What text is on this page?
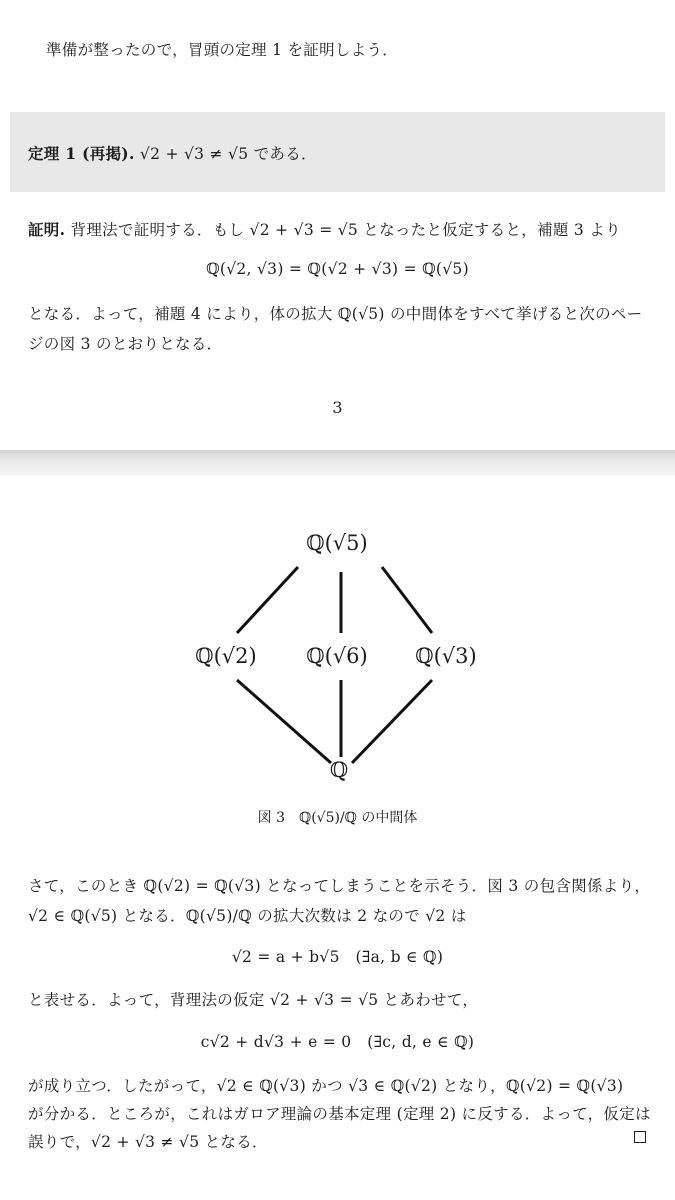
準備が整ったので，冒頭の定理 1 を証明しよう．
定理 1 (再掲). √2 + √3 ≠ √5 である．
証明. 背理法で証明する．もし √2 + √3 = √5 となったと仮定すると，補題 3 より
ℚ(√2, √3) = ℚ(√2 + √3) = ℚ(√5)
となる．よって，補題 4 により，体の拡大 ℚ(√5) の中間体をすべて挙げると次のペー
ジの図 3 のとおりとなる．
3
ℚ(√5)
ℚ(√2) ℚ(√6) ℚ(√3)
ℚ
図 3　ℚ(√5)/ℚ の中間体
さて，このとき ℚ(√2) = ℚ(√3) となってしまうことを示そう．図 3 の包含関係より，
√2 ∈ ℚ(√5) となる．ℚ(√5)/ℚ の拡大次数は 2 なので √2 は
√2 = a + b√5　(∃a, b ∈ ℚ)
と表せる．よって，背理法の仮定 √2 + √3 = √5 とあわせて，
c√2 + d√3 + e = 0　(∃c, d, e ∈ ℚ)
が成り立つ．したがって，√2 ∈ ℚ(√3) かつ √3 ∈ ℚ(√2) となり，ℚ(√2) = ℚ(√3)
が分かる．ところが，これはガロア理論の基本定理 (定理 2) に反する．よって，仮定は
誤りで，√2 + √3 ≠ √5 となる．
